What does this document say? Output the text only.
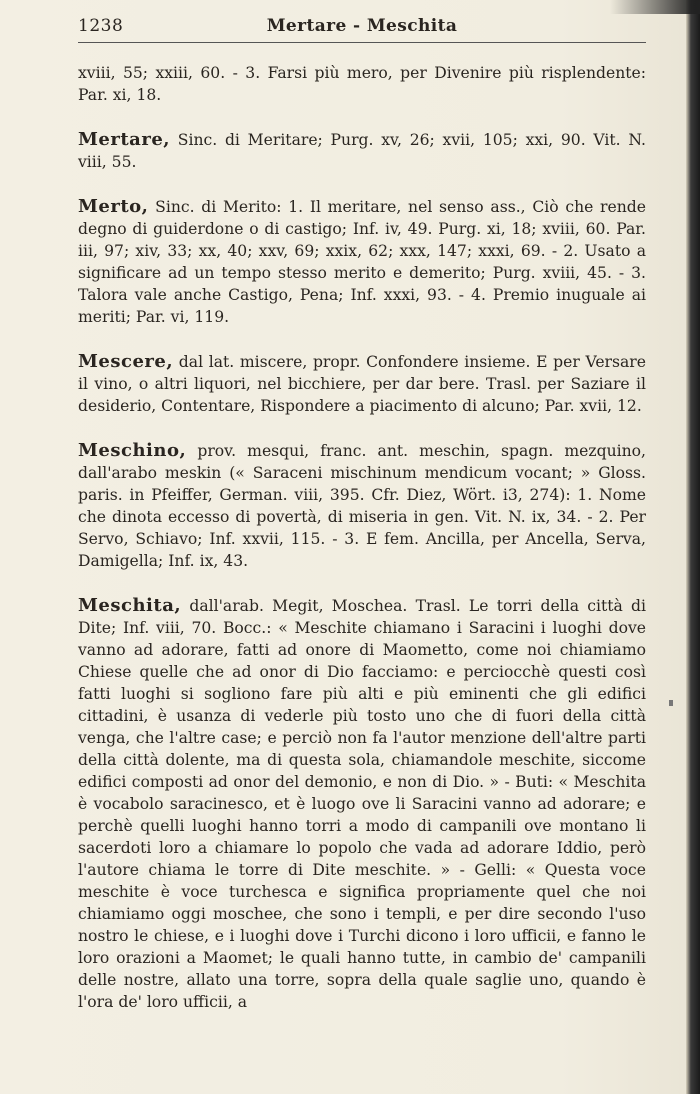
1238	Mertare - Meschita

xviii, 55; xxiii, 60. - 3. Farsi più mero, per Divenire più risplendente: Par. xi, 18.

Mertare, Sinc. di Meritare; Purg. xv, 26; xvii, 105; xxi, 90. Vit. N. viii, 55.

Merto, Sinc. di Merito: 1. Il meritare, nel senso ass., Ciò che rende degno di guiderdone o di castigo; Inf. iv, 49. Purg. xi, 18; xviii, 60. Par. iii, 97; xiv, 33; xx, 40; xxv, 69; xxix, 62; xxx, 147; xxxi, 69. - 2. Usato a significare ad un tempo stesso merito e demerito; Purg. xviii, 45. - 3. Talora vale anche Castigo, Pena; Inf. xxxi, 93. - 4. Premio inuguale ai meriti; Par. vi, 119.

Mescere, dal lat. miscere, propr. Confondere insieme. E per Versare il vino, o altri liquori, nel bicchiere, per dar bere. Trasl. per Saziare il desiderio, Contentare, Rispondere a piacimento di alcuno; Par. xvii, 12.

Meschino, prov. mesqui, franc. ant. meschin, spagn. mezquino, dall'arabo meskin (« Saraceni mischinum mendicum vocant; » Gloss. paris. in Pfeiffer, German. viii, 395. Cfr. Diez, Wört. i3, 274): 1. Nome che dinota eccesso di povertà, di miseria in gen. Vit. N. ix, 34. - 2. Per Servo, Schiavo; Inf. xxvii, 115. - 3. E fem. Ancilla, per Ancella, Serva, Damigella; Inf. ix, 43.

Meschita, dall'arab. Megit, Moschea. Trasl. Le torri della città di Dite; Inf. viii, 70. Bocc.: « Meschite chiamano i Saracini i luoghi dove vanno ad adorare, fatti ad onore di Maometto, come noi chiamiamo Chiese quelle che ad onor di Dio facciamo: e perciocchè questi così fatti luoghi si sogliono fare più alti e più eminenti che gli edifici cittadini, è usanza di vederle più tosto uno che di fuori della città venga, che l'altre case; e perciò non fa l'autor menzione dell'altre parti della città dolente, ma di questa sola, chiamandole meschite, siccome edifici composti ad onor del demonio, e non di Dio. » - Buti: « Meschita è vocabolo saracinesco, et è luogo ove li Saracini vanno ad adorare; e perchè quelli luoghi hanno torri a modo di campanili ove montano li sacerdoti loro a chiamare lo popolo che vada ad adorare Iddio, però l'autore chiama le torre di Dite meschite. » - Gelli: « Questa voce meschite è voce turchesca e significa propriamente quel che noi chiamiamo oggi moschee, che sono i templi, e per dire secondo l'uso nostro le chiese, e i luoghi dove i Turchi dicono i loro ufficii, e fanno le loro orazioni a Maomet; le quali hanno tutte, in cambio de' campanili delle nostre, allato una torre, sopra della quale saglie uno, quando è l'ora de' loro ufficii, a
